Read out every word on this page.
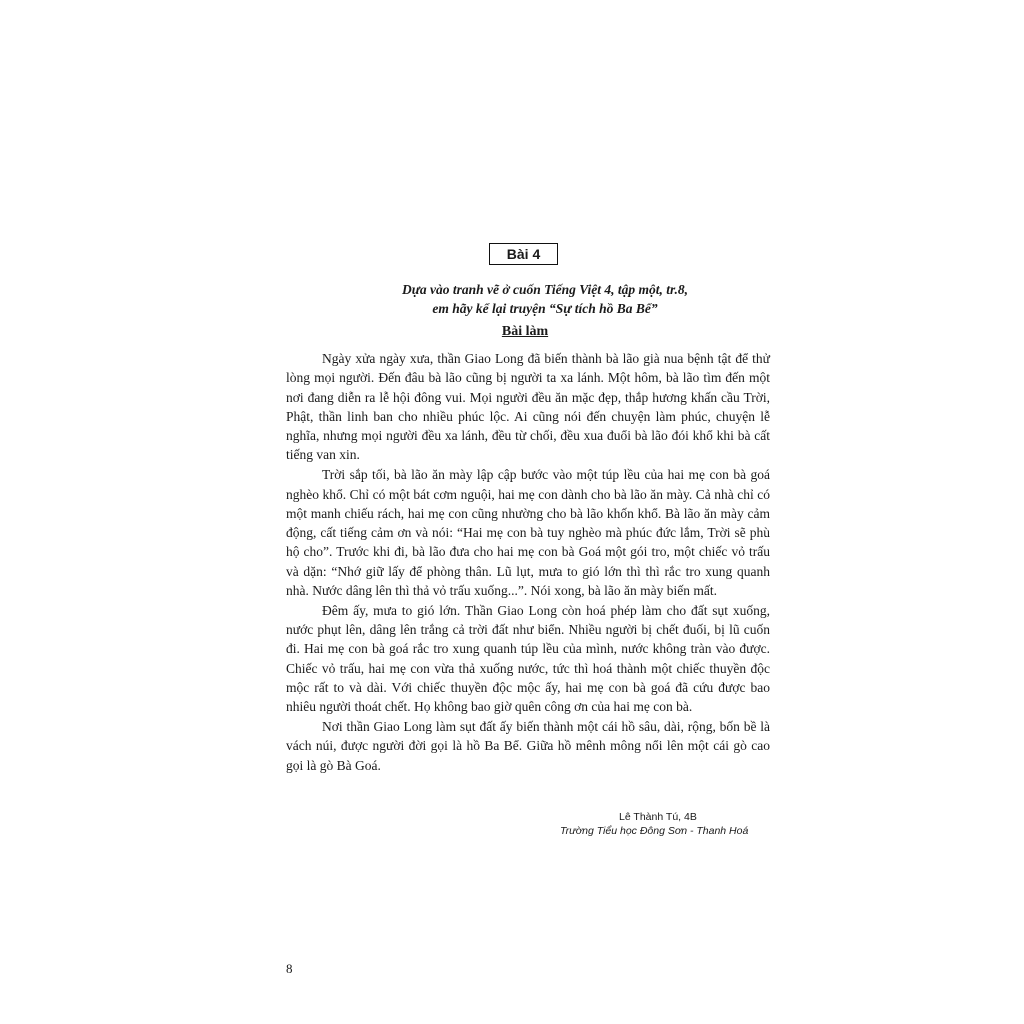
Bài 4
Dựa vào tranh vẽ ở cuốn Tiếng Việt 4, tập một, tr.8,
em hãy kể lại truyện “Sự tích hồ Ba Bể”
Bài làm

Ngày xửa ngày xưa, thần Giao Long đã biến thành bà lão già nua bệnh tật để thử lòng mọi người. Đến đâu bà lão cũng bị người ta xa lánh. Một hôm, bà lão tìm đến một nơi đang diễn ra lễ hội đông vui. Mọi người đều ăn mặc đẹp, thắp hương khấn cầu Trời, Phật, thần linh ban cho nhiều phúc lộc. Ai cũng nói đến chuyện làm phúc, chuyện lễ nghĩa, nhưng mọi người đều xa lánh, đều từ chối, đều xua đuổi bà lão đói khổ khi bà cất tiếng van xin.

Trời sắp tối, bà lão ăn mày lập cập bước vào một túp lều của hai mẹ con bà goá nghèo khổ. Chỉ có một bát cơm nguội, hai mẹ con dành cho bà lão ăn mày. Cả nhà chỉ có một manh chiếu rách, hai mẹ con cũng nhường cho bà lão khốn khổ. Bà lão ăn mày cảm động, cất tiếng cảm ơn và nói: “Hai mẹ con bà tuy nghèo mà phúc đức lắm, Trời sẽ phù hộ cho”. Trước khi đi, bà lão đưa cho hai mẹ con bà Goá một gói tro, một chiếc vỏ trấu và dặn: “Nhớ giữ lấy để phòng thân. Lũ lụt, mưa to gió lớn thì thì rắc tro xung quanh nhà. Nước dâng lên thì thả vỏ trấu xuống...”. Nói xong, bà lão ăn mày biến mất.

Đêm ấy, mưa to gió lớn. Thần Giao Long còn hoá phép làm cho đất sụt xuống, nước phụt lên, dâng lên trắng cả trời đất như biển. Nhiều người bị chết đuối, bị lũ cuốn đi. Hai mẹ con bà goá rắc tro xung quanh túp lều của mình, nước không tràn vào được. Chiếc vỏ trấu, hai mẹ con vừa thả xuống nước, tức thì hoá thành một chiếc thuyền độc mộc rất to và dài. Với chiếc thuyền độc mộc ấy, hai mẹ con bà goá đã cứu được bao nhiêu người thoát chết. Họ không bao giờ quên công ơn của hai mẹ con bà.

Nơi thần Giao Long làm sụt đất ấy biến thành một cái hồ sâu, dài, rộng, bốn bề là vách núi, được người đời gọi là hồ Ba Bể. Giữa hồ mênh mông nổi lên một cái gò cao gọi là gò Bà Goá.

Lê Thành Tú, 4B
Trường Tiểu học Đông Sơn - Thanh Hoá
8
